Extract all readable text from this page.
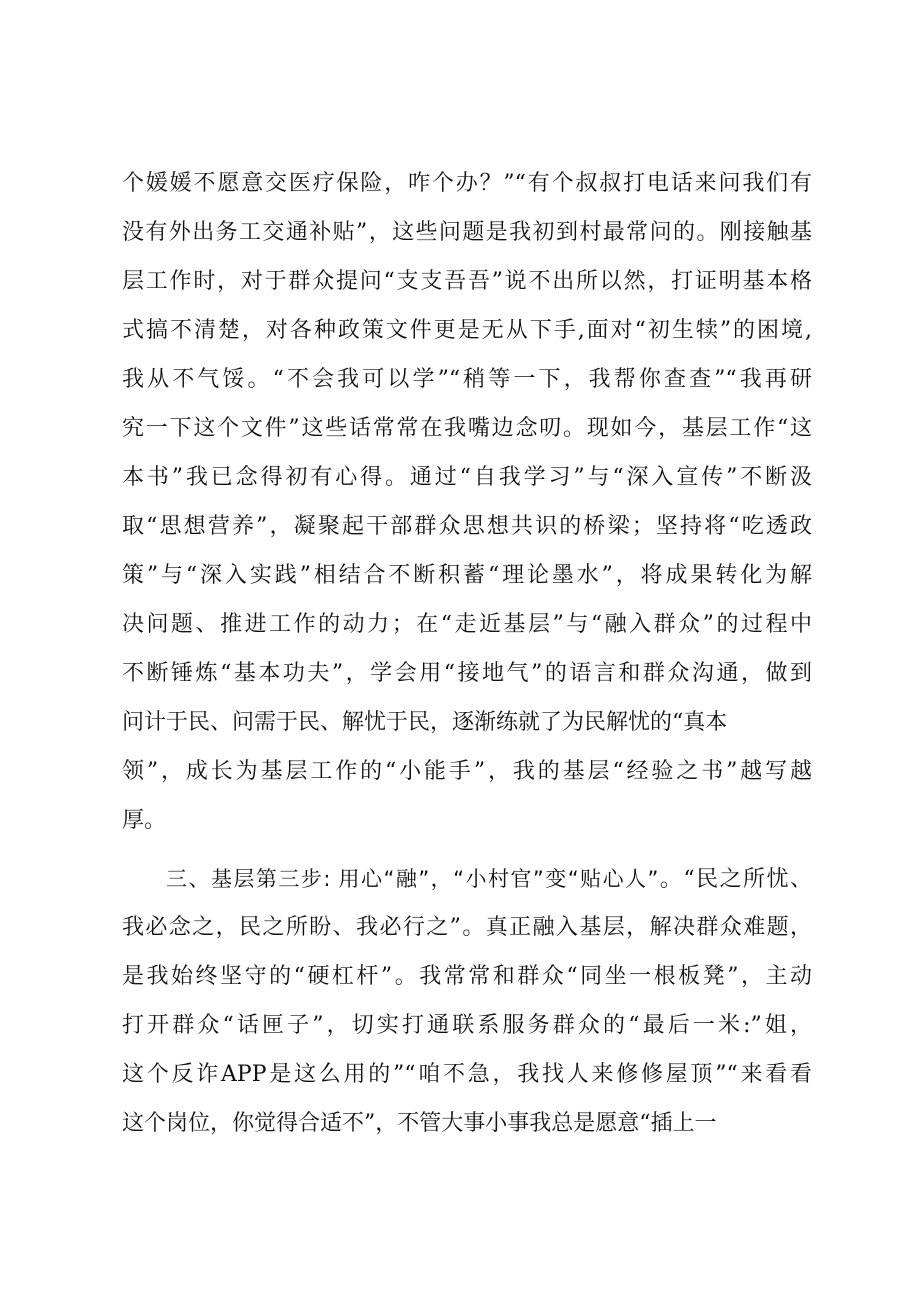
个媛媛不愿意交医疗保险，咋个办？”“有个叔叔打电话来问我们有
没有外出务工交通补贴”，这些问题是我初到村最常问的。刚接触基
层工作时，对于群众提问“支支吾吾”说不出所以然，打证明基本格
式搞不清楚，对各种政策文件更是无从下手,面对“初生犊”的困境,
我从不气馁。“不会我可以学”“稍等一下，我帮你查查”“我再研
究一下这个文件”这些话常常在我嘴边念叨。现如今，基层工作“这
本书”我已念得初有心得。通过“自我学习”与“深入宣传”不断汲
取“思想营养”，凝聚起干部群众思想共识的桥梁；坚持将“吃透政
策”与“深入实践”相结合不断积蓄“理论墨水”，将成果转化为解
决问题、推进工作的动力；在“走近基层”与“融入群众”的过程中
不断锤炼“基本功夫”，学会用“接地气”的语言和群众沟通，做到
问计于民、问需于民、解忧于民，逐渐练就了为民解忧的“真本
领”，成长为基层工作的“小能手”，我的基层“经验之书”越写越
厚。
三、基层第三步: 用心“融”，“小村官”变“贴心人”。“民之所忧、
我必念之，民之所盼、我必行之”。真正融入基层，解决群众难题，
是我始终坚守的“硬杠杆”。我常常和群众“同坐一根板凳”，主动
打开群众“话匣子”，切实打通联系服务群众的“最后一米:”姐，
这个反诈APP是这么用的”“咱不急，我找人来修修屋顶”“来看看
这个岗位，你觉得合适不”，不管大事小事我总是愿意“插上一
